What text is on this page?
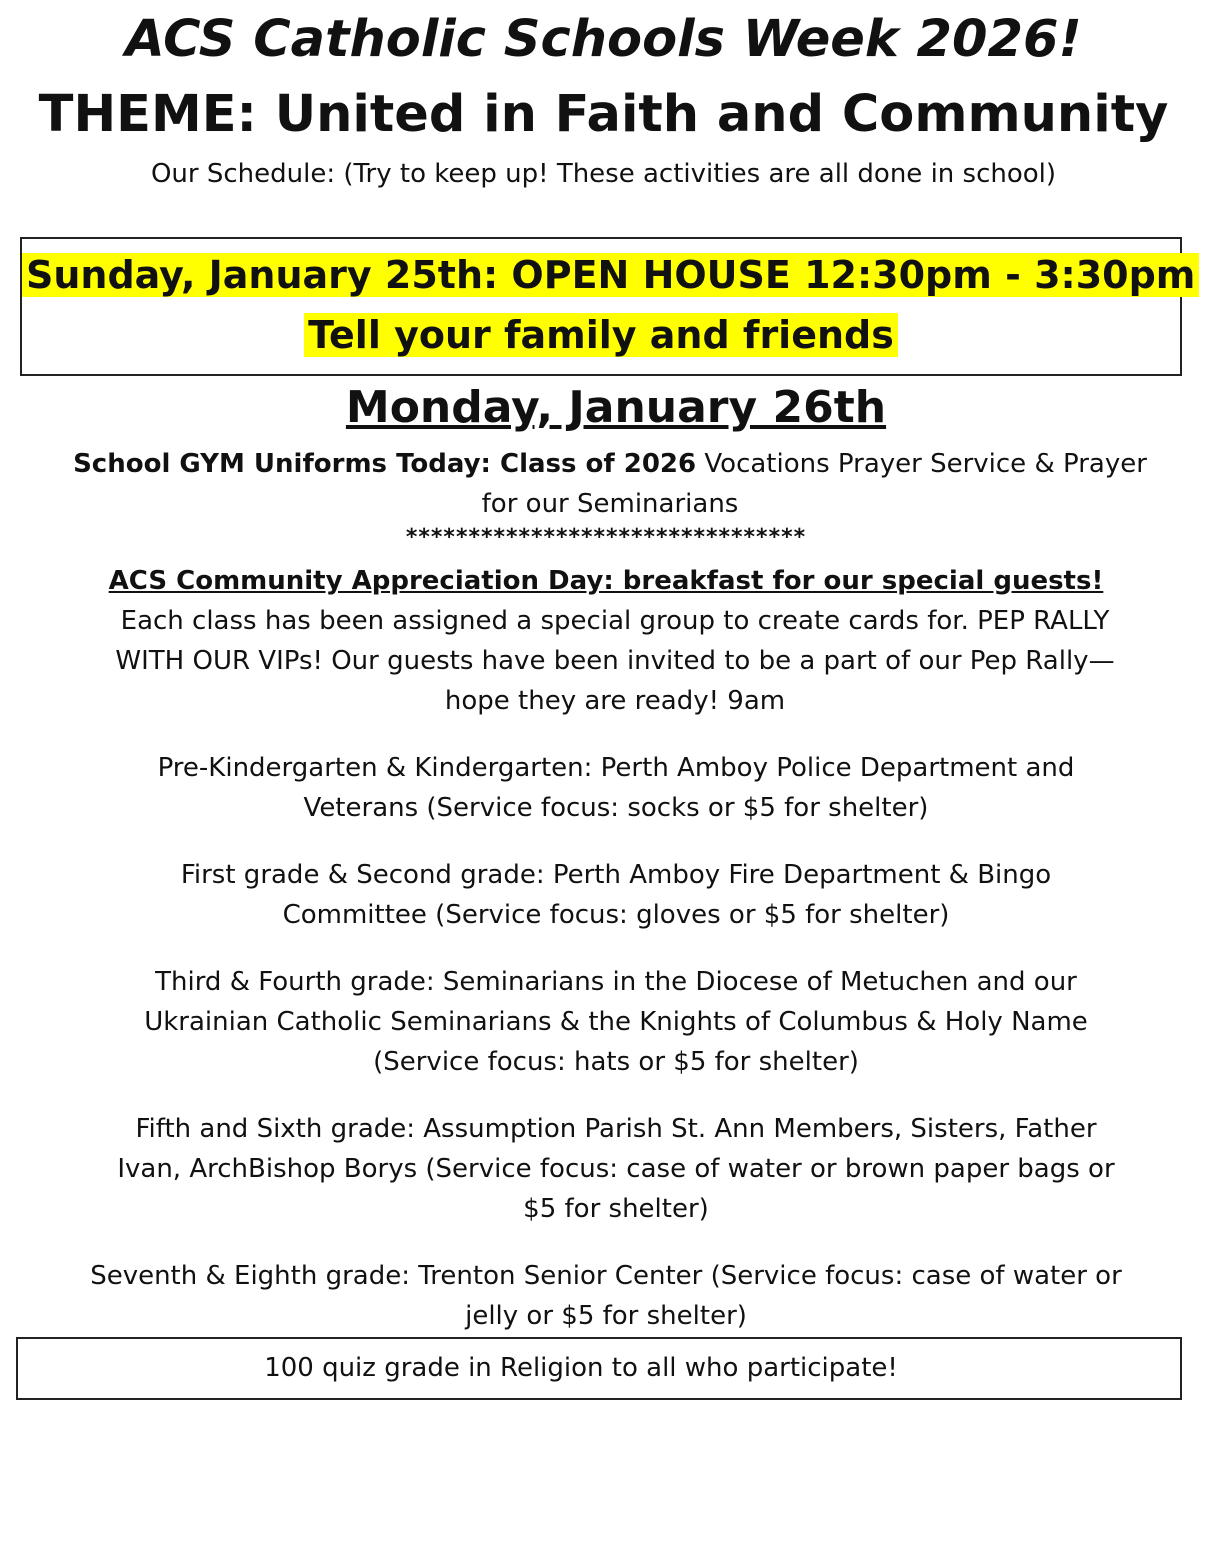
ACS Catholic Schools Week 2026!
THEME: United in Faith and Community

Our Schedule: (Try to keep up! These activities are all done in school)

Sunday, January 25th: OPEN HOUSE 12:30pm - 3:30pm
Tell your family and friends
Monday, January 26th

School GYM Uniforms Today: Class of 2026 Vocations Prayer Service & Prayer for our Seminarians

********************************

ACS Community Appreciation Day: breakfast for our special guests!

Each class has been assigned a special group to create cards for. PEP RALLY WITH OUR VIPs! Our guests have been invited to be a part of our Pep Rally— hope they are ready! 9am

Pre-Kindergarten & Kindergarten: Perth Amboy Police Department and Veterans (Service focus: socks or $5 for shelter)

First grade & Second grade: Perth Amboy Fire Department & Bingo Committee (Service focus: gloves or $5 for shelter)

Third & Fourth grade: Seminarians in the Diocese of Metuchen and our Ukrainian Catholic Seminarians & the Knights of Columbus & Holy Name (Service focus: hats or $5 for shelter)

Fifth and Sixth grade: Assumption Parish St. Ann Members, Sisters, Father Ivan, ArchBishop Borys (Service focus: case of water or brown paper bags or $5 for shelter)

Seventh & Eighth grade: Trenton Senior Center (Service focus: case of water or jelly or $5 for shelter)

100 quiz grade in Religion to all who participate!
